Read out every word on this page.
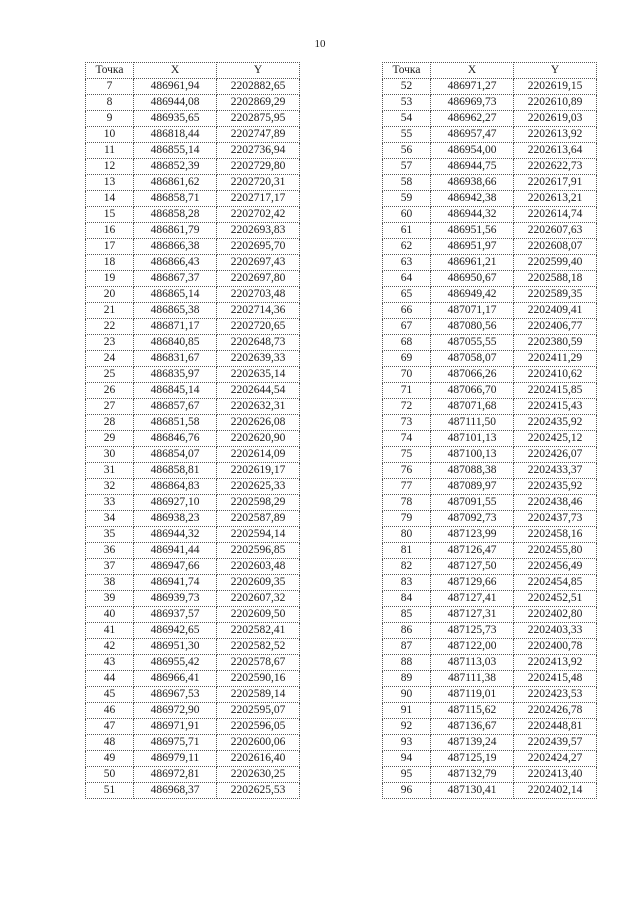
10
Точка	X	Y
7	486961,94	2202882,65
8	486944,08	2202869,29
9	486935,65	2202875,95
10	486818,44	2202747,89
11	486855,14	2202736,94
12	486852,39	2202729,80
13	486861,62	2202720,31
14	486858,71	2202717,17
15	486858,28	2202702,42
16	486861,79	2202693,83
17	486866,38	2202695,70
18	486866,43	2202697,43
19	486867,37	2202697,80
20	486865,14	2202703,48
21	486865,38	2202714,36
22	486871,17	2202720,65
23	486840,85	2202648,73
24	486831,67	2202639,33
25	486835,97	2202635,14
26	486845,14	2202644,54
27	486857,67	2202632,31
28	486851,58	2202626,08
29	486846,76	2202620,90
30	486854,07	2202614,09
31	486858,81	2202619,17
32	486864,83	2202625,33
33	486927,10	2202598,29
34	486938,23	2202587,89
35	486944,32	2202594,14
36	486941,44	2202596,85
37	486947,66	2202603,48
38	486941,74	2202609,35
39	486939,73	2202607,32
40	486937,57	2202609,50
41	486942,65	2202582,41
42	486951,30	2202582,52
43	486955,42	2202578,67
44	486966,41	2202590,16
45	486967,53	2202589,14
46	486972,90	2202595,07
47	486971,91	2202596,05
48	486975,71	2202600,06
49	486979,11	2202616,40
50	486972,81	2202630,25
51	486968,37	2202625,53
Точка	X	Y
52	486971,27	2202619,15
53	486969,73	2202610,89
54	486962,27	2202619,03
55	486957,47	2202613,92
56	486954,00	2202613,64
57	486944,75	2202622,73
58	486938,66	2202617,91
59	486942,38	2202613,21
60	486944,32	2202614,74
61	486951,56	2202607,63
62	486951,97	2202608,07
63	486961,21	2202599,40
64	486950,67	2202588,18
65	486949,42	2202589,35
66	487071,17	2202409,41
67	487080,56	2202406,77
68	487055,55	2202380,59
69	487058,07	2202411,29
70	487066,26	2202410,62
71	487066,70	2202415,85
72	487071,68	2202415,43
73	487111,50	2202435,92
74	487101,13	2202425,12
75	487100,13	2202426,07
76	487088,38	2202433,37
77	487089,97	2202435,92
78	487091,55	2202438,46
79	487092,73	2202437,73
80	487123,99	2202458,16
81	487126,47	2202455,80
82	487127,50	2202456,49
83	487129,66	2202454,85
84	487127,41	2202452,51
85	487127,31	2202402,80
86	487125,73	2202403,33
87	487122,00	2202400,78
88	487113,03	2202413,92
89	487111,38	2202415,48
90	487119,01	2202423,53
91	487115,62	2202426,78
92	487136,67	2202448,81
93	487139,24	2202439,57
94	487125,19	2202424,27
95	487132,79	2202413,40
96	487130,41	2202402,14
